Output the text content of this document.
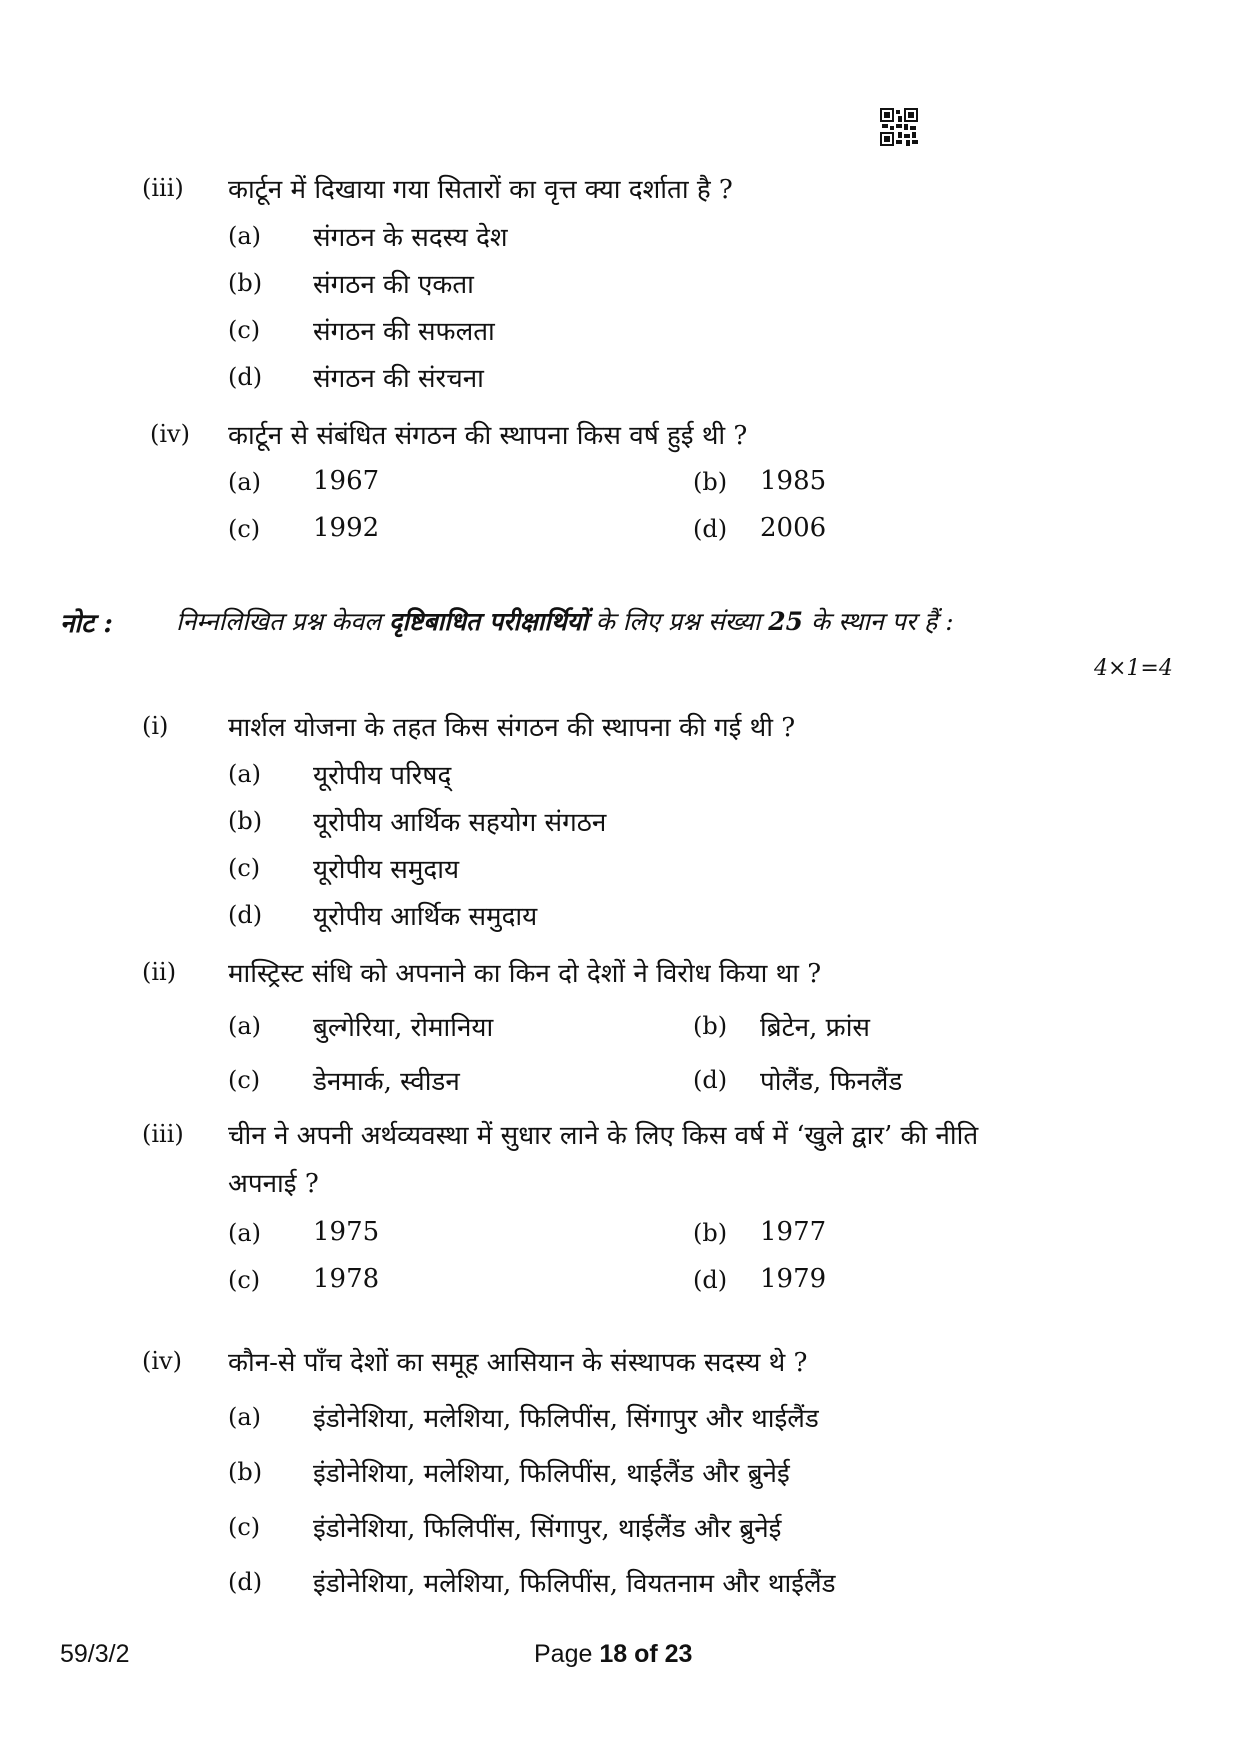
(iii) कार्टून में दिखाया गया सितारों का वृत्त क्या दर्शाता है ?
(a) संगठन के सदस्य देश
(b) संगठन की एकता
(c) संगठन की सफलता
(d) संगठन की संरचना
(iv) कार्टून से संबंधित संगठन की स्थापना किस वर्ष हुई थी ?
(a) 1967	(b) 1985
(c) 1992	(d) 2006
नोट :	निम्नलिखित प्रश्न केवल दृष्टिबाधित परीक्षार्थियों के लिए प्रश्न संख्या 25 के स्थान पर हैं :
4×1=4
(i) मार्शल योजना के तहत किस संगठन की स्थापना की गई थी ?
(a) यूरोपीय परिषद्
(b) यूरोपीय आर्थिक सहयोग संगठन
(c) यूरोपीय समुदाय
(d) यूरोपीय आर्थिक समुदाय
(ii) मास्ट्रिस्ट संधि को अपनाने का किन दो देशों ने विरोध किया था ?
(a) बुल्गेरिया, रोमानिया	(b) ब्रिटेन, फ्रांस
(c) डेनमार्क, स्वीडन	(d) पोलैंड, फिनलैंड
(iii) चीन ने अपनी अर्थव्यवस्था में सुधार लाने के लिए किस वर्ष में ‘खुले द्वार’ की नीति
अपनाई ?
(a) 1975	(b) 1977
(c) 1978	(d) 1979
(iv) कौन-से पाँच देशों का समूह आसियान के संस्थापक सदस्य थे ?
(a) इंडोनेशिया, मलेशिया, फिलिपींस, सिंगापुर और थाईलैंड
(b) इंडोनेशिया, मलेशिया, फिलिपींस, थाईलैंड और ब्रुनेई
(c) इंडोनेशिया, फिलिपींस, सिंगापुर, थाईलैंड और ब्रुनेई
(d) इंडोनेशिया, मलेशिया, फिलिपींस, वियतनाम और थाईलैंड
59/3/2	Page 18 of 23
